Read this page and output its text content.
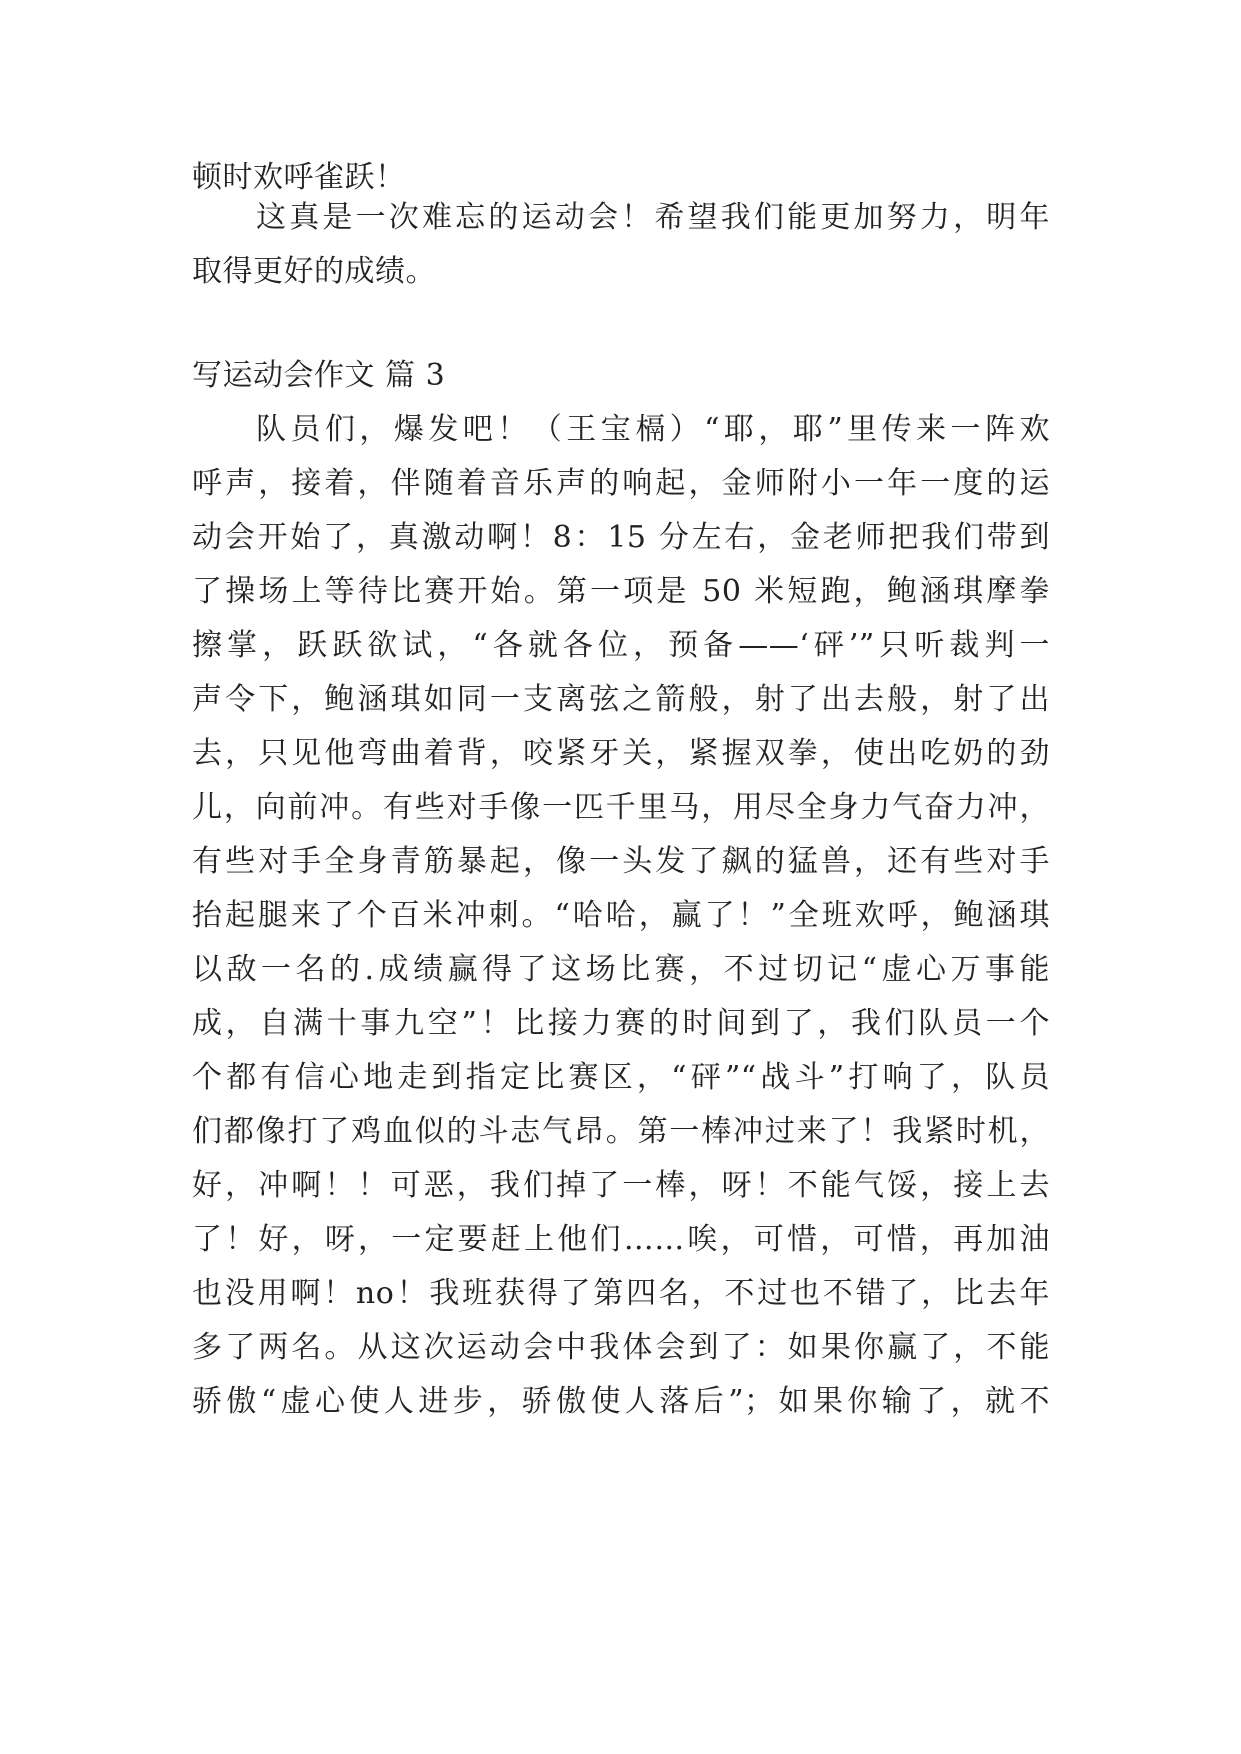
顿时欢呼雀跃！
这真是一次难忘的运动会！希望我们能更加努力，明年
取得更好的成绩。
写运动会作文 篇 3
队员们，爆发吧！（王宝槅）“耶，耶”里传来一阵欢
呼声，接着，伴随着音乐声的响起，金师附小一年一度的运
动会开始了，真激动啊！8：15 分左右，金老师把我们带到
了操场上等待比赛开始。第一项是 50 米短跑，鲍涵琪摩拳
擦掌，跃跃欲试，“各就各位，预备——‘砰’”只听裁判一
声令下，鲍涵琪如同一支离弦之箭般，射了出去般，射了出
去，只见他弯曲着背，咬紧牙关，紧握双拳，使出吃奶的劲
儿，向前冲。有些对手像一匹千里马，用尽全身力气奋力冲，
有些对手全身青筋暴起，像一头发了飙的猛兽，还有些对手
抬起腿来了个百米冲刺。“哈哈，赢了！”全班欢呼，鲍涵琪
以敌一名的.成绩赢得了这场比赛，不过切记“虚心万事能
成，自满十事九空”！比接力赛的时间到了，我们队员一个
个都有信心地走到指定比赛区，“砰”“战斗”打响了，队员
们都像打了鸡血似的斗志气昂。第一棒冲过来了！我紧时机，
好，冲啊！！可恶，我们掉了一棒，呀！不能气馁，接上去
了！好，呀，一定要赶上他们……唉，可惜，可惜，再加油
也没用啊！no！我班获得了第四名，不过也不错了，比去年
多了两名。从这次运动会中我体会到了：如果你赢了，不能
骄傲“虚心使人进步，骄傲使人落后”；如果你输了，就不
